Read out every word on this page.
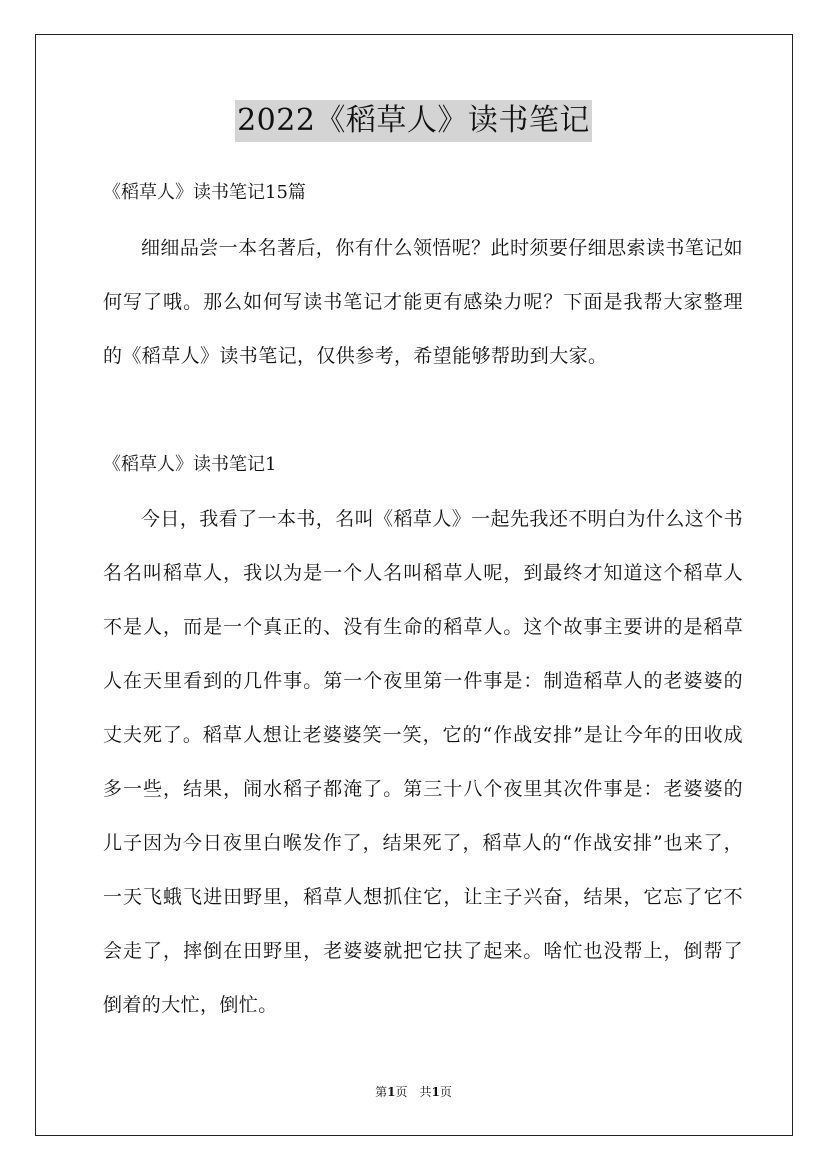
2022《稻草人》读书笔记
《稻草人》读书笔记15篇

细细品尝一本名著后，你有什么领悟呢？此时须要仔细思索读书笔记如何写了哦。那么如何写读书笔记才能更有感染力呢？下面是我帮大家整理的《稻草人》读书笔记，仅供参考，希望能够帮助到大家。

《稻草人》读书笔记1

今日，我看了一本书，名叫《稻草人》一起先我还不明白为什么这个书名名叫稻草人，我以为是一个人名叫稻草人呢，到最终才知道这个稻草人不是人，而是一个真正的、没有生命的稻草人。这个故事主要讲的是稻草人在天里看到的几件事。第一个夜里第一件事是：制造稻草人的老婆婆的丈夫死了。稻草人想让老婆婆笑一笑，它的“作战安排”是让今年的田收成多一些，结果，闹水稻子都淹了。第三十八个夜里其次件事是：老婆婆的儿子因为今日夜里白喉发作了，结果死了，稻草人的“作战安排”也来了，一天飞蛾飞进田野里，稻草人想抓住它，让主子兴奋，结果，它忘了它不会走了，摔倒在田野里，老婆婆就把它扶了起来。啥忙也没帮上，倒帮了倒着的大忙，倒忙。

第1页　共1页
